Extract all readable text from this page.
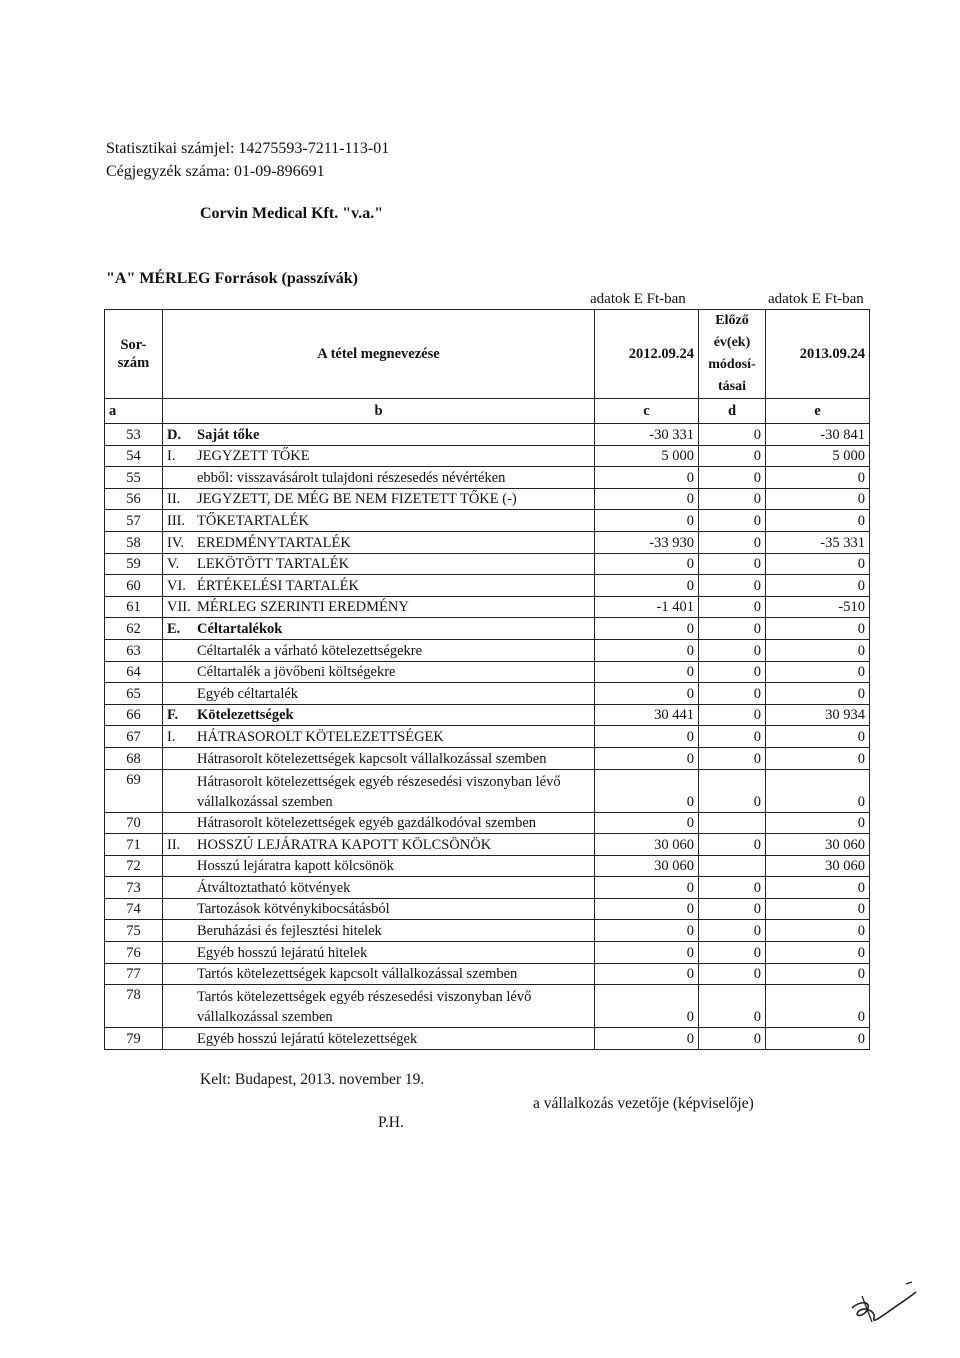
Statisztikai számjel: 14275593-7211-113-01
Cégjegyzék száma: 01-09-896691
Corvin Medical Kft. "v.a."
"A" MÉRLEG Források (passzívák)
adatok E Ft-ban	adatok E Ft-ban
Sor- szám	A tétel megnevezése	2012.09.24	Előző év(ek) módosí- tásai	2013.09.24
a	b	c	d	e
53	D. Saját tőke	-30 331	0	-30 841
54	I. JEGYZETT TŐKE	5 000	0	5 000
55	ebből: visszavásárolt tulajdoni részesedés névértéken	0	0	0
56	II. JEGYZETT, DE MÉG BE NEM FIZETETT TŐKE (-)	0	0	0
57	III. TŐKETARTALÉK	0	0	0
58	IV. EREDMÉNYTARTALÉK	-33 930	0	-35 331
59	V. LEKÖTÖTT TARTALÉK	0	0	0
60	VI. ÉRTÉKELÉSI TARTALÉK	0	0	0
61	VII. MÉRLEG SZERINTI EREDMÉNY	-1 401	0	-510
62	E. Céltartalékok	0	0	0
63	Céltartalék a várható kötelezettségekre	0	0	0
64	Céltartalék a jövőbeni költségekre	0	0	0
65	Egyéb céltartalék	0	0	0
66	F. Kötelezettségek	30 441	0	30 934
67	I. HÁTRASOROLT KÖTELEZETTSÉGEK	0	0	0
68	Hátrasorolt kötelezettségek kapcsolt vállalkozással szemben	0	0	0
69	Hátrasorolt kötelezettségek egyéb részesedési viszonyban lévő vállalkozással szemben	0	0	0
70	Hátrasorolt kötelezettségek egyéb gazdálkodóval szemben	0		0
71	II. HOSSZÚ LEJÁRATRA KAPOTT KÖLCSÖNÖK	30 060	0	30 060
72	Hosszú lejáratra kapott kölcsönök	30 060		30 060
73	Átváltoztatható kötvények	0	0	0
74	Tartozások kötvénykibocsátásból	0	0	0
75	Beruházási és fejlesztési hitelek	0	0	0
76	Egyéb hosszú lejáratú hitelek	0	0	0
77	Tartós kötelezettségek kapcsolt vállalkozással szemben	0	0	0
78	Tartós kötelezettségek egyéb részesedési viszonyban lévő vállalkozással szemben	0	0	0
79	Egyéb hosszú lejáratú kötelezettségek	0	0	0
Kelt: Budapest, 2013. november 19.
a vállalkozás vezetője (képviselője)
P.H.
